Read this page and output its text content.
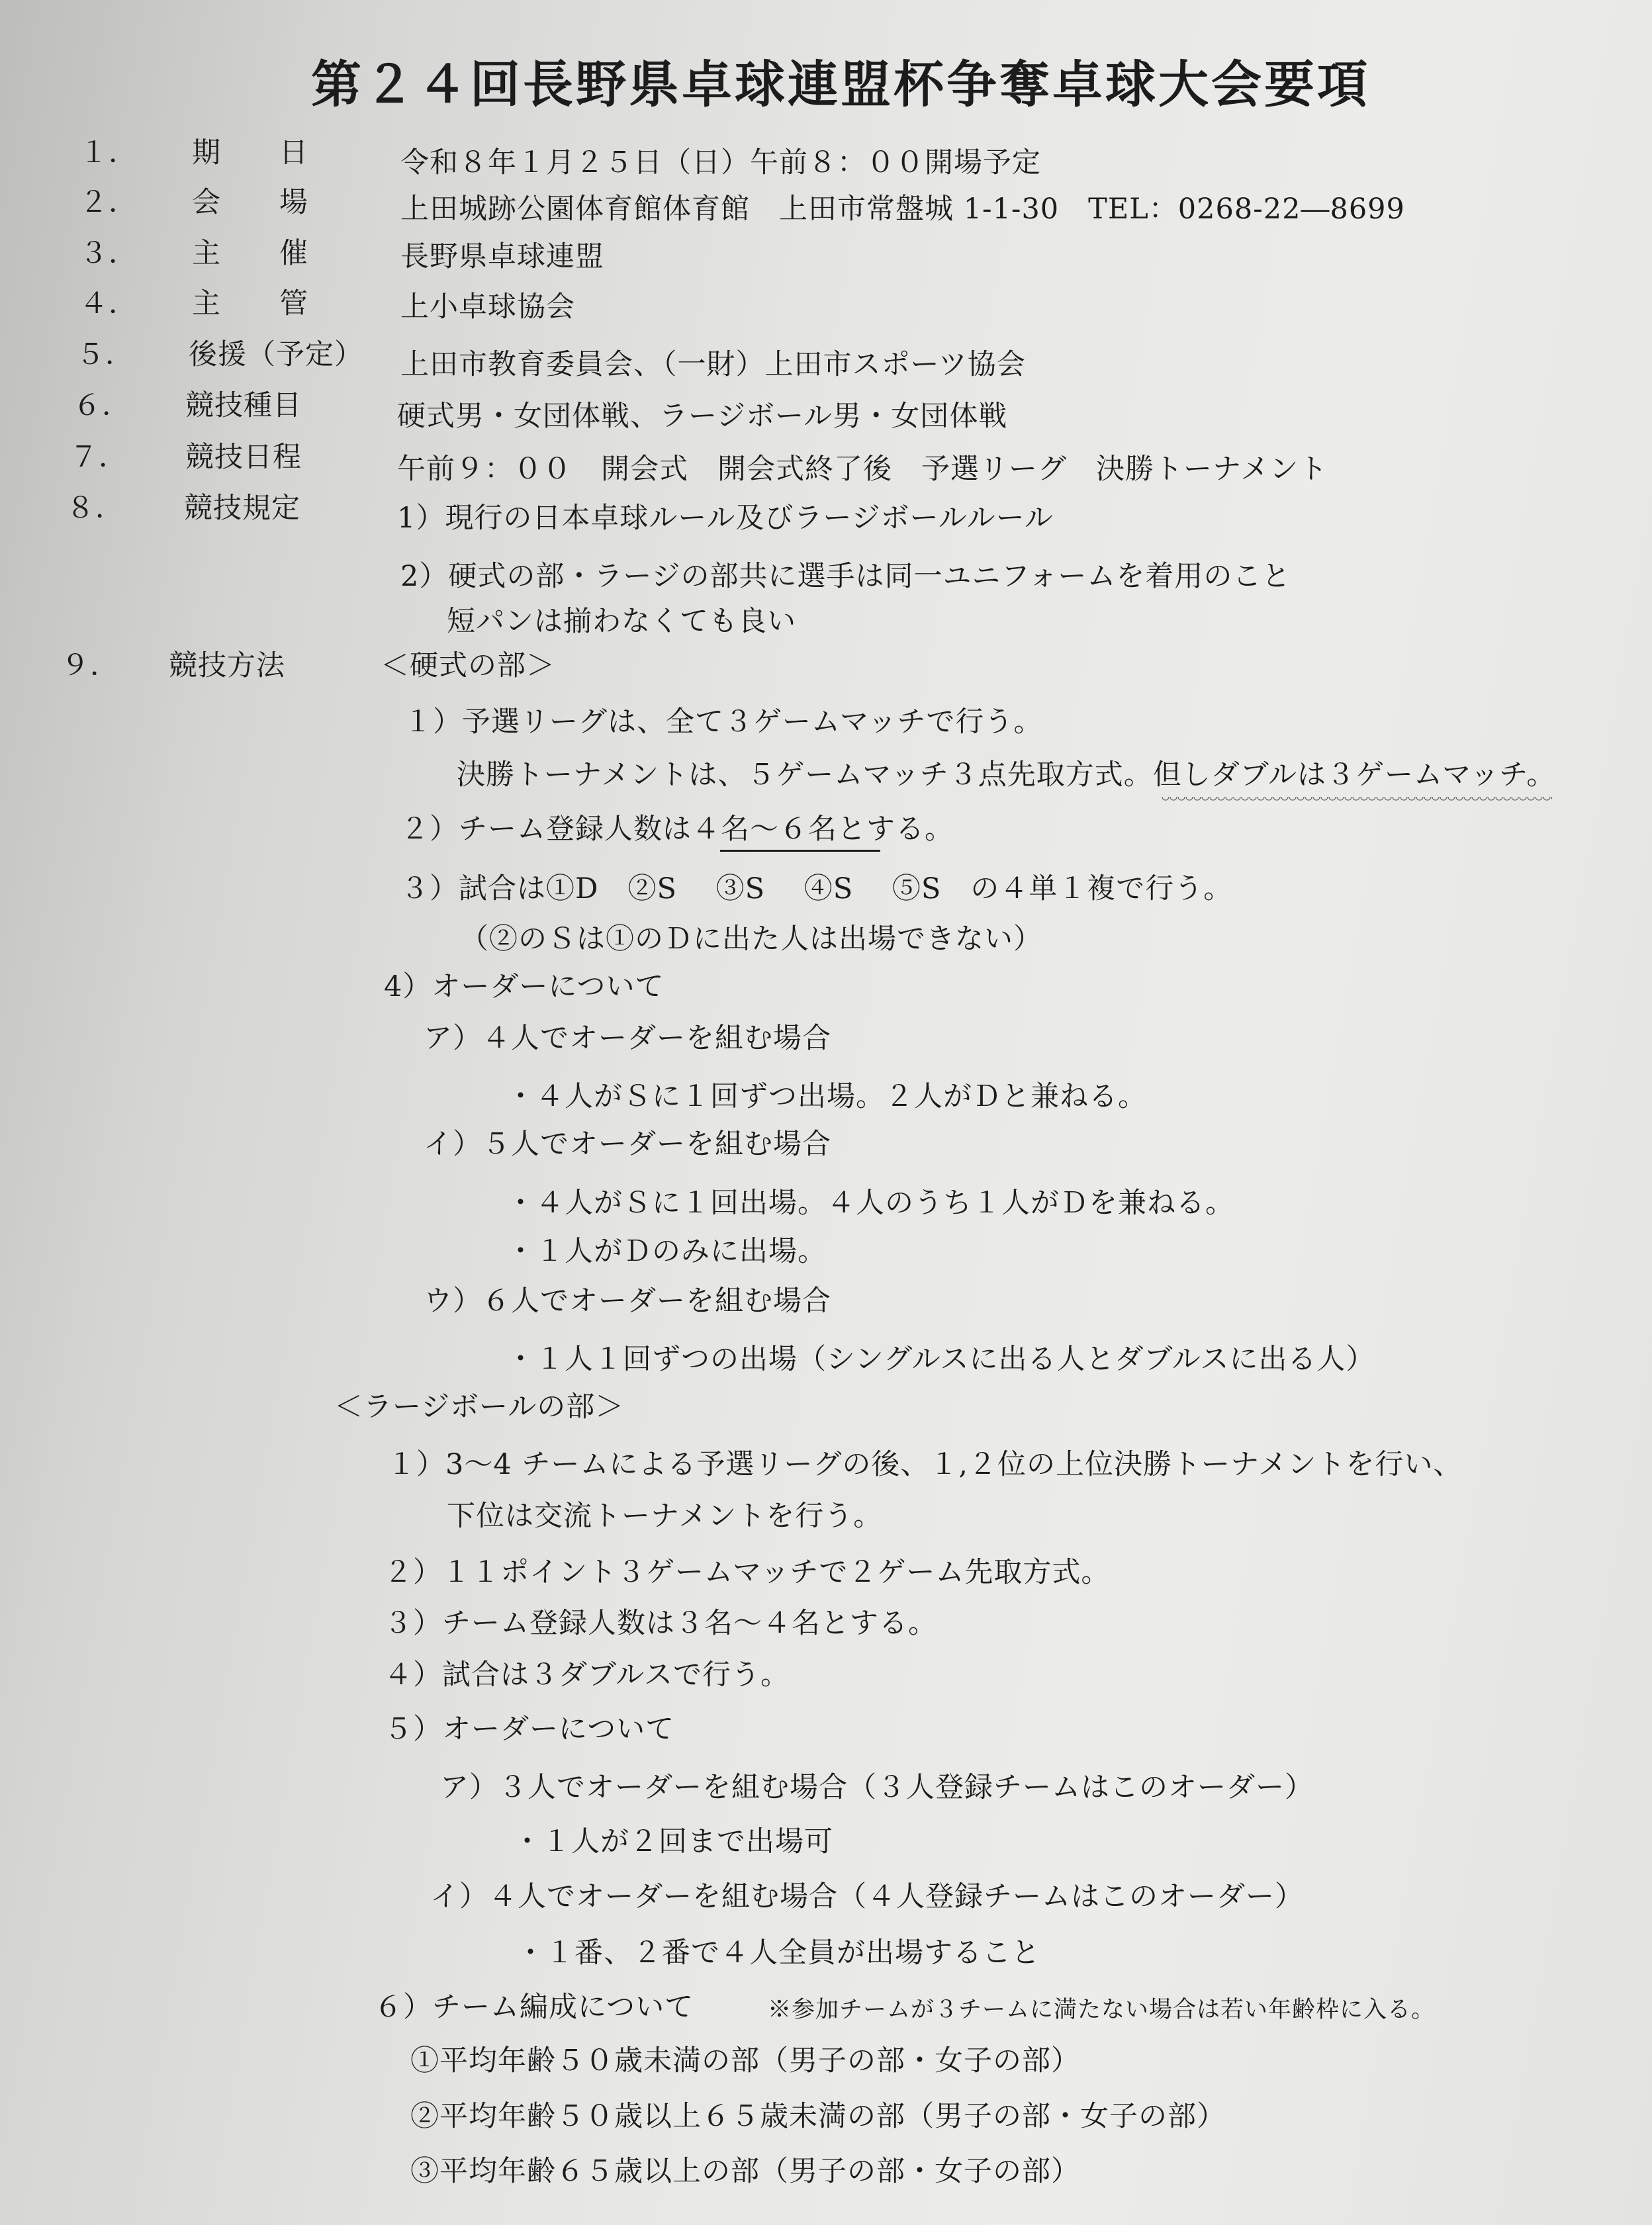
第２４回長野県卓球連盟杯争奪卓球大会要項
１． 期　　日	令和８年１月２５日（日）午前８：００開場予定
２． 会　　場	上田城跡公園体育館体育館　上田市常盤城 1-1-30　TEL：0268-22―8699
３． 主　　催	長野県卓球連盟
４． 主　　管	上小卓球協会
５． 後援（予定） 上田市教育委員会、（一財）上田市スポーツ協会
６． 競技種目	硬式男・女団体戦、ラージボール男・女団体戦
７． 競技日程	午前９：００　開会式　開会式終了後　予選リーグ　決勝トーナメント
８． 競技規定	1）現行の日本卓球ルール及びラージボールルール
2）硬式の部・ラージの部共に選手は同一ユニフォームを着用のこと
短パンは揃わなくても良い
９． 競技方法	＜硬式の部＞
１）予選リーグは、全て３ゲームマッチで行う。
決勝トーナメントは、５ゲームマッチ３点先取方式。但しダブルは３ゲームマッチ。
２）チーム登録人数は４名～６名とする。
３）試合は①D　②S　 ③S　 ④S　 ⑤S　の４単１複で行う。
（②のＳは①のＤに出た人は出場できない）
4）オーダーについて
ア）４人でオーダーを組む場合
・４人がＳに１回ずつ出場。２人がＤと兼ねる。
イ）５人でオーダーを組む場合
・４人がＳに１回出場。４人のうち１人がＤを兼ねる。
・１人がＤのみに出場。
ウ）６人でオーダーを組む場合
・１人１回ずつの出場（シングルスに出る人とダブルスに出る人）
＜ラージボールの部＞
１）3～4 チームによる予選リーグの後、１,２位の上位決勝トーナメントを行い、
下位は交流トーナメントを行う。
２）１１ポイント３ゲームマッチで２ゲーム先取方式。
３）チーム登録人数は３名～４名とする。
４）試合は３ダブルスで行う。
５）オーダーについて
ア）３人でオーダーを組む場合（３人登録チームはこのオーダー）
・１人が２回まで出場可
イ）４人でオーダーを組む場合（４人登録チームはこのオーダー）
・１番、２番で４人全員が出場すること
６）チーム編成について	※参加チームが３チームに満たない場合は若い年齢枠に入る。
①平均年齢５０歳未満の部（男子の部・女子の部）
②平均年齢５０歳以上６５歳未満の部（男子の部・女子の部）
③平均年齢６５歳以上の部（男子の部・女子の部）
